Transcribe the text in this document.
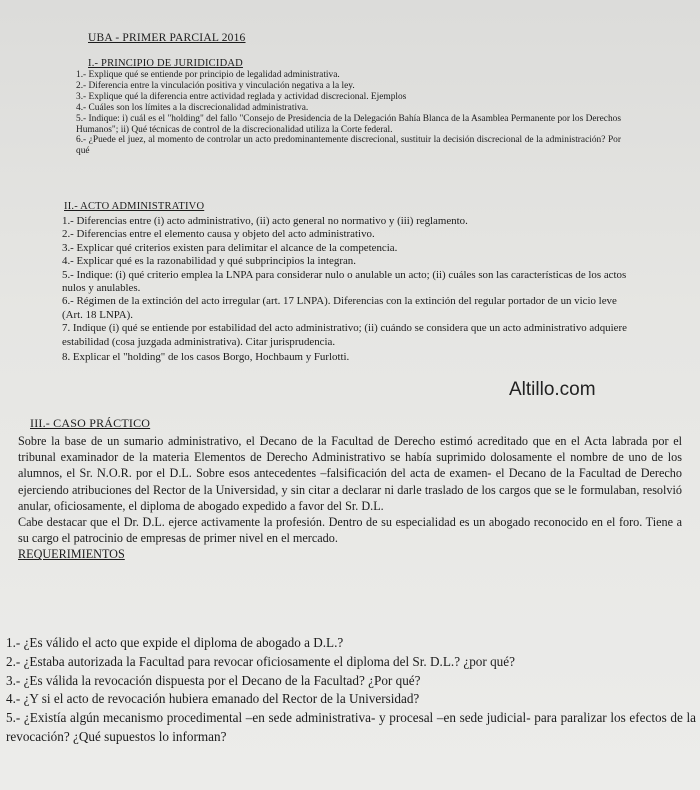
UBA - PRIMER PARCIAL 2016
I.- PRINCIPIO DE JURIDICIDAD

1.- Explique qué se entiende por principio de legalidad administrativa.

2.- Diferencia entre la vinculación positiva y vinculación negativa a la ley.

3.- Explique qué la diferencia entre actividad reglada y actividad discrecional. Ejemplos

4.- Cuáles son los límites a la discrecionalidad administrativa.

5.- Indique: i) cuál es el "holding" del fallo "Consejo de Presidencia de la Delegación Bahía Blanca de la Asamblea Permanente por los Derechos Humanos"; ii) Qué técnicas de control de la discrecionalidad utiliza la Corte federal.

6.- ¿Puede el juez, al momento de controlar un acto predominantemente discrecional, sustituir la decisión discrecional de la administración? Por qué

II.- ACTO ADMINISTRATIVO

1.- Diferencias entre (i) acto administrativo, (ii) acto general no normativo y (iii) reglamento.

2.- Diferencias entre el elemento causa y objeto del acto administrativo.

3.- Explicar qué criterios existen para delimitar el alcance de la competencia.

4.- Explicar qué es la razonabilidad y qué subprincipios la integran.

5.- Indique: (i) qué criterio emplea la LNPA para considerar nulo o anulable un acto; (ii) cuáles son las características de los actos nulos y anulables.

6.- Régimen de la extinción del acto irregular (art. 17 LNPA). Diferencias con la extinción del regular portador de un vicio leve (Art. 18 LNPA).

7. Indique (i) qué se entiende por estabilidad del acto administrativo; (ii) cuándo se considera que un acto administrativo adquiere estabilidad (cosa juzgada administrativa). Citar jurisprudencia.

8. Explicar el "holding" de los casos Borgo, Hochbaum y Furlotti.

Altillo.com
III.- CASO PRÁCTICO

Sobre la base de un sumario administrativo, el Decano de la Facultad de Derecho estimó acreditado que en el Acta labrada por el tribunal examinador de la materia Elementos de Derecho Administrativo se había suprimido dolosamente el nombre de uno de los alumnos, el Sr. N.O.R. por el D.L. Sobre esos antecedentes –falsificación del acta de examen- el Decano de la Facultad de Derecho ejerciendo atribuciones del Rector de la Universidad, y sin citar a declarar ni darle traslado de los cargos que se le formulaban, resolvió anular, oficiosamente, el diploma de abogado expedido a favor del Sr. D.L.

Cabe destacar que el Dr. D.L. ejerce activamente la profesión. Dentro de su especialidad es un abogado reconocido en el foro. Tiene a su cargo el patrocinio de empresas de primer nivel en el mercado.

REQUERIMIENTOS

1.- ¿Es válido el acto que expide el diploma de abogado a D.L.?

2.- ¿Estaba autorizada la Facultad para revocar oficiosamente el diploma del Sr. D.L.? ¿por qué?

3.- ¿Es válida la revocación dispuesta por el Decano de la Facultad? ¿Por qué?

4.- ¿Y si el acto de revocación hubiera emanado del Rector de la Universidad?

5.- ¿Existía algún mecanismo procedimental –en sede administrativa- y procesal –en sede judicial- para paralizar los efectos de la revocación? ¿Qué supuestos lo informan?
